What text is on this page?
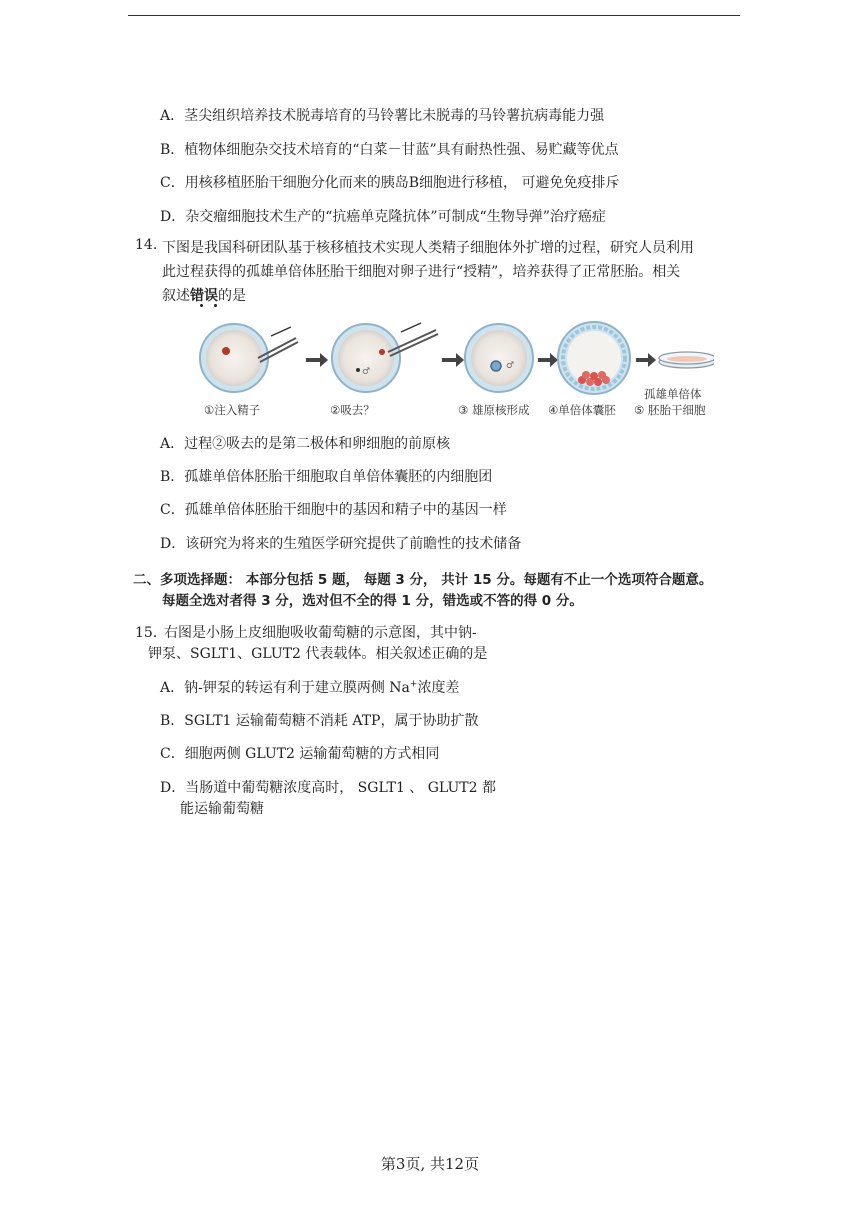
A．茎尖组织培养技术脱毒培育的马铃薯比未脱毒的马铃薯抗病毒能力强
B．植物体细胞杂交技术培育的“白菜－甘蓝”具有耐热性强、易贮藏等优点
C．用核移植胚胎干细胞分化而来的胰岛B细胞进行移植， 可避免免疫排斥
D．杂交瘤细胞技术生产的“抗癌单克隆抗体”可制成“生物导弹”治疗癌症
14. 下图是我国科研团队基于核移植技术实现人类精子细胞体外扩增的过程，研究人员利用
此过程获得的孤雄单倍体胚胎干细胞对卵子进行“授精”，培养获得了正常胚胎。相关
叙述错误的是
♂
♂
①注入精子	②吸去？	③ 雄原核形成 ④单倍体囊胚
孤雄单倍体
⑤ 胚胎干细胞
A．过程②吸去的是第二极体和卵细胞的前原核
B．孤雄单倍体胚胎干细胞取自单倍体囊胚的内细胞团
C．孤雄单倍体胚胎干细胞中的基因和精子中的基因一样
D．该研究为将来的生殖医学研究提供了前瞻性的技术储备
二、多项选择题： 本部分包括 5 题， 每题 3 分， 共计 15 分。每题有不止一个选项符合题意。
每题全选对者得 3 分，选对但不全的得 1 分，错选或不答的得 0 分。
15．
右图是小肠上皮细胞吸收葡萄糖的示意图，其中钠-
钾泵、SGLT1、GLUT2 代表载体。相关叙述正确的是
A．钠-钾泵的转运有利于建立膜两侧 Na+浓度差
B．SGLT1 运输葡萄糖不消耗 ATP，属于协助扩散
C．细胞两侧 GLUT2 运输葡萄糖的方式相同
D．当肠道中葡萄糖浓度高时， SGLT1 、 GLUT2 都
能运输葡萄糖
第3页, 共12页
